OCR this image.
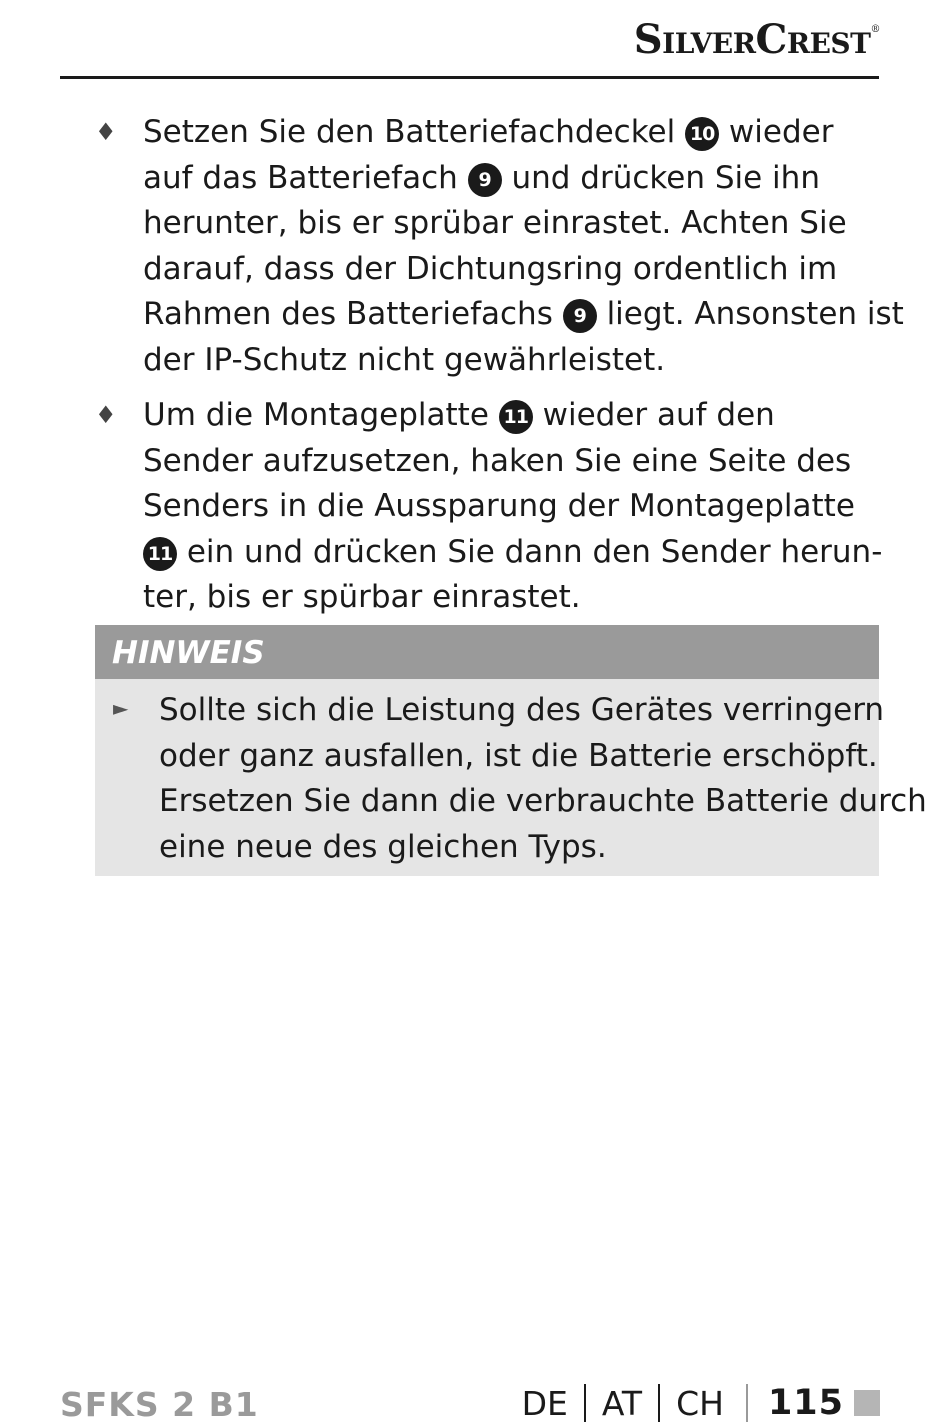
SilverCrest®
♦ Setzen Sie den Batteriefachdeckel 10 wieder
auf das Batteriefach 9 und drücken Sie ihn
herunter, bis er sprübar einrastet. Achten Sie
darauf, dass der Dichtungsring ordentlich im
Rahmen des Batteriefachs 9 liegt. Ansonsten ist
der IP-Schutz nicht gewährleistet.
♦ Um die Montageplatte 11 wieder auf den
Sender aufzusetzen, haken Sie eine Seite des
Senders in die Aussparung der Montageplatte
11 ein und drücken Sie dann den Sender herun-
ter, bis er spürbar einrastet.
HINWEIS
► Sollte sich die Leistung des Gerätes verringern
oder ganz ausfallen, ist die Batterie erschöpft.
Ersetzen Sie dann die verbrauchte Batterie durch
eine neue des gleichen Typs.
SFKS 2 B1	DE AT CH 115
